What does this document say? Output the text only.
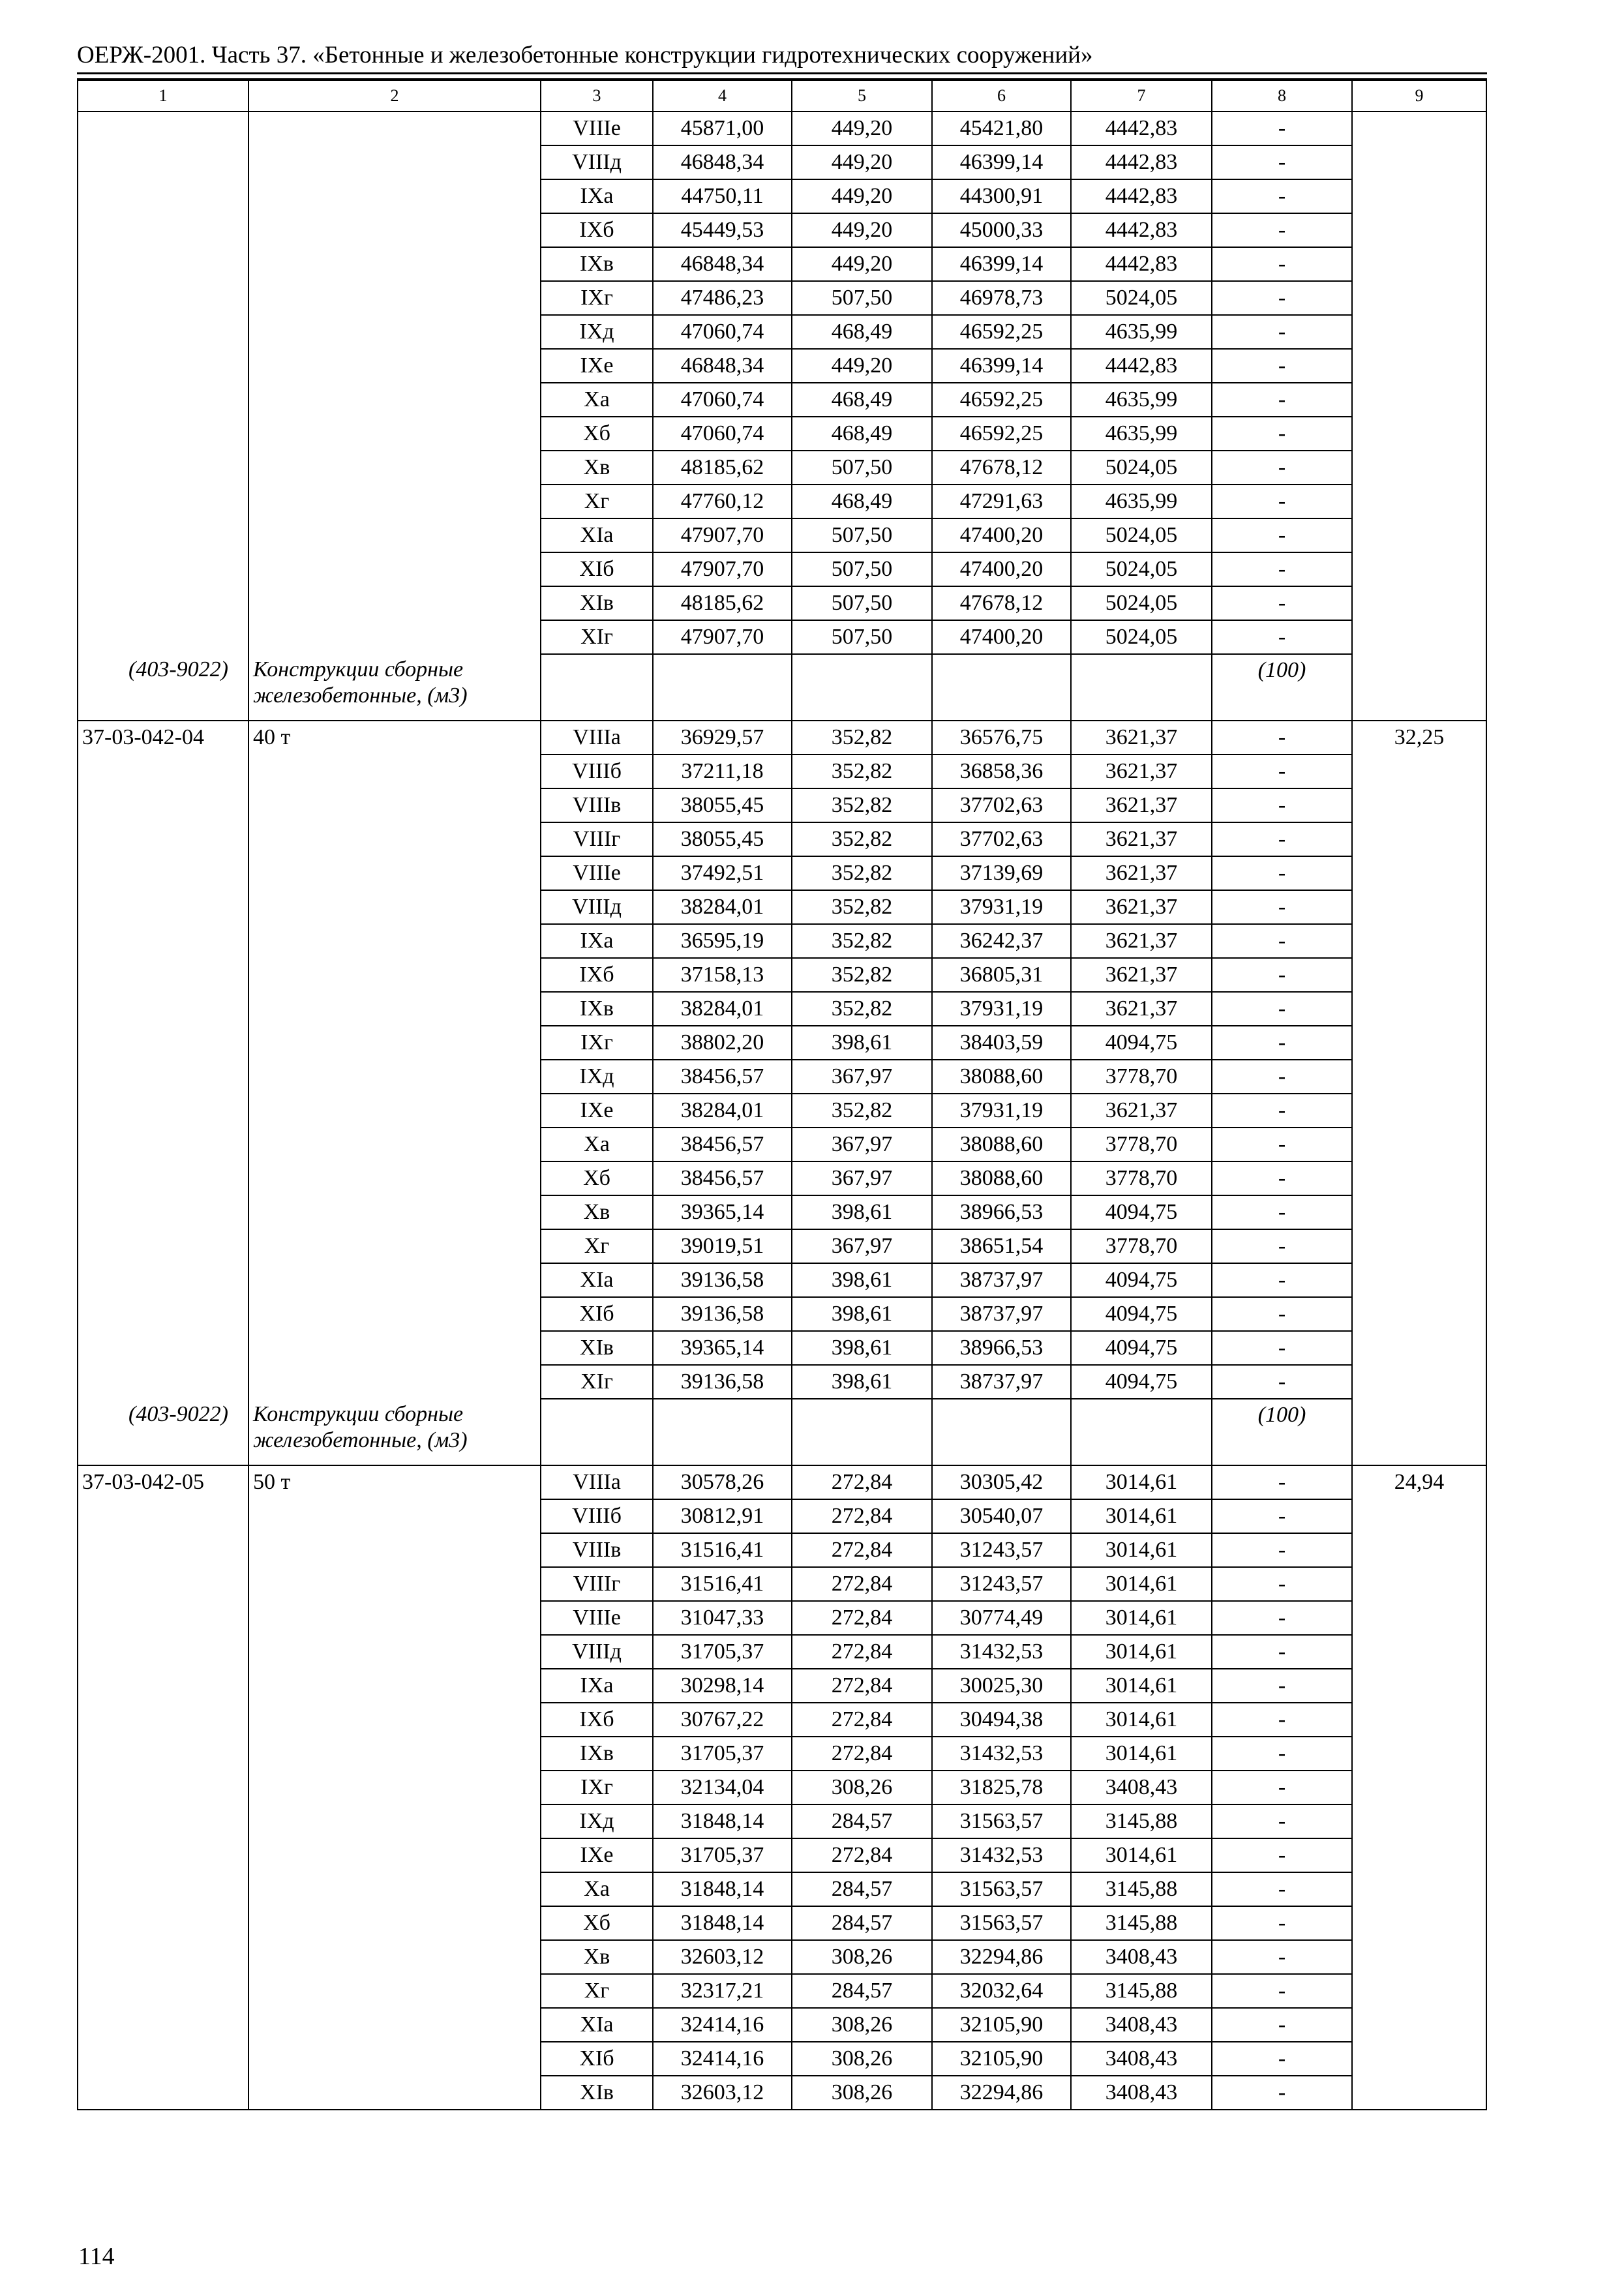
ОЕРЖ-2001. Часть 37. «Бетонные и железобетонные конструкции гидротехнических сооружений»
1	2	3	4	5	6	7	8	9
		VIIIе	45871,00	449,20	45421,80	4442,83	-	
		VIIIд	46848,34	449,20	46399,14	4442,83	-	
		IXа	44750,11	449,20	44300,91	4442,83	-	
		IXб	45449,53	449,20	45000,33	4442,83	-	
		IXв	46848,34	449,20	46399,14	4442,83	-	
		IXг	47486,23	507,50	46978,73	5024,05	-	
		IXд	47060,74	468,49	46592,25	4635,99	-	
		IXе	46848,34	449,20	46399,14	4442,83	-	
		Xа	47060,74	468,49	46592,25	4635,99	-	
		Xб	47060,74	468,49	46592,25	4635,99	-	
		Xв	48185,62	507,50	47678,12	5024,05	-	
		Xг	47760,12	468,49	47291,63	4635,99	-	
		XIа	47907,70	507,50	47400,20	5024,05	-	
		XIб	47907,70	507,50	47400,20	5024,05	-	
		XIв	48185,62	507,50	47678,12	5024,05	-	
		XIг	47907,70	507,50	47400,20	5024,05	-	
(403-9022)	Конструкции сборные железобетонные, (м3)						(100)	
37-03-042-04	40 т	VIIIа	36929,57	352,82	36576,75	3621,37	-	32,25
		VIIIб	37211,18	352,82	36858,36	3621,37	-	
		VIIIв	38055,45	352,82	37702,63	3621,37	-	
		VIIIг	38055,45	352,82	37702,63	3621,37	-	
		VIIIе	37492,51	352,82	37139,69	3621,37	-	
		VIIIд	38284,01	352,82	37931,19	3621,37	-	
		IXа	36595,19	352,82	36242,37	3621,37	-	
		IXб	37158,13	352,82	36805,31	3621,37	-	
		IXв	38284,01	352,82	37931,19	3621,37	-	
		IXг	38802,20	398,61	38403,59	4094,75	-	
		IXд	38456,57	367,97	38088,60	3778,70	-	
		IXе	38284,01	352,82	37931,19	3621,37	-	
		Xа	38456,57	367,97	38088,60	3778,70	-	
		Xб	38456,57	367,97	38088,60	3778,70	-	
		Xв	39365,14	398,61	38966,53	4094,75	-	
		Xг	39019,51	367,97	38651,54	3778,70	-	
		XIа	39136,58	398,61	38737,97	4094,75	-	
		XIб	39136,58	398,61	38737,97	4094,75	-	
		XIв	39365,14	398,61	38966,53	4094,75	-	
		XIг	39136,58	398,61	38737,97	4094,75	-	
(403-9022)	Конструкции сборные железобетонные, (м3)						(100)	
37-03-042-05	50 т	VIIIа	30578,26	272,84	30305,42	3014,61	-	24,94
		VIIIб	30812,91	272,84	30540,07	3014,61	-	
		VIIIв	31516,41	272,84	31243,57	3014,61	-	
		VIIIг	31516,41	272,84	31243,57	3014,61	-	
		VIIIе	31047,33	272,84	30774,49	3014,61	-	
		VIIIд	31705,37	272,84	31432,53	3014,61	-	
		IXа	30298,14	272,84	30025,30	3014,61	-	
		IXб	30767,22	272,84	30494,38	3014,61	-	
		IXв	31705,37	272,84	31432,53	3014,61	-	
		IXг	32134,04	308,26	31825,78	3408,43	-	
		IXд	31848,14	284,57	31563,57	3145,88	-	
		IXе	31705,37	272,84	31432,53	3014,61	-	
		Xа	31848,14	284,57	31563,57	3145,88	-	
		Xб	31848,14	284,57	31563,57	3145,88	-	
		Xв	32603,12	308,26	32294,86	3408,43	-	
		Xг	32317,21	284,57	32032,64	3145,88	-	
		XIа	32414,16	308,26	32105,90	3408,43	-	
		XIб	32414,16	308,26	32105,90	3408,43	-	
		XIв	32603,12	308,26	32294,86	3408,43	-	
114
